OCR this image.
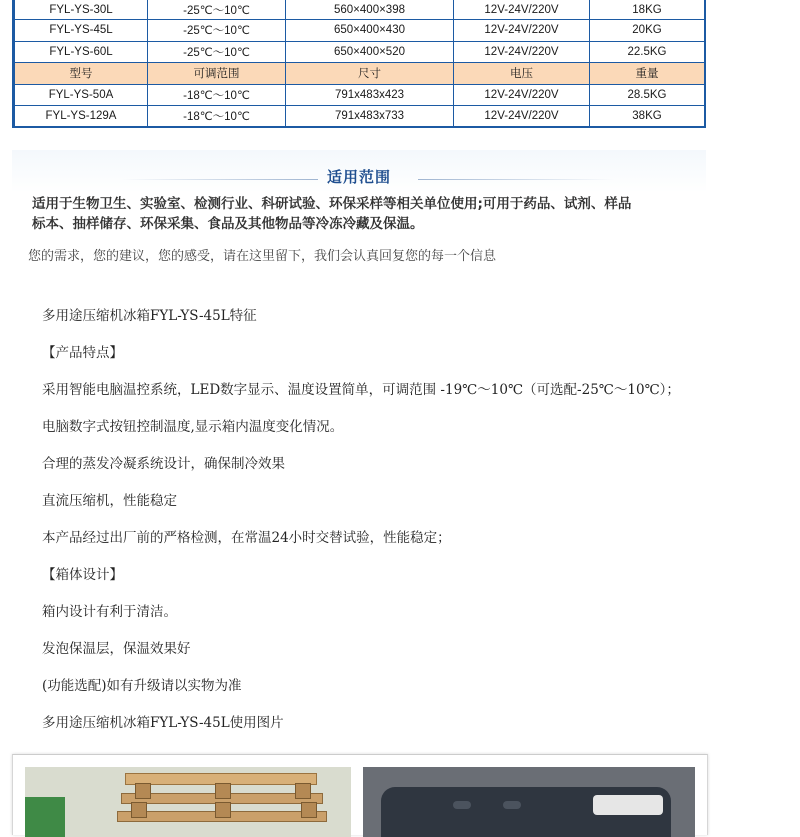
FYL-YS-30L	-25℃～10℃	560×400×398	12V-24V/220V	18KG
FYL-YS-45L	-25℃～10℃	650×400×430	12V-24V/220V	20KG
FYL-YS-60L	-25℃～10℃	650×400×520	12V-24V/220V	22.5KG
型号	可调范围	尺寸	电压	重量
FYL-YS-50A	-18℃～10℃	791x483x423	12V-24V/220V	28.5KG
FYL-YS-129A	-18℃～10℃	791x483x733	12V-24V/220V	38KG
适用范围
适用于生物卫生、实验室、检测行业、科研试验、环保采样等相关单位使用;可用于药品、试剂、样品
标本、抽样储存、环保采集、食品及其他物品等冷冻冷藏及保温。
您的需求，您的建议，您的感受，请在这里留下，我们会认真回复您的每一个信息
多用途压缩机冰箱FYL-YS-45L特征
【产品特点】
采用智能电脑温控系统，LED数字显示、温度设置简单，可调范围 -19℃～10℃（可选配-25℃～10℃）；
电脑数字式按钮控制温度,显示箱内温度变化情况。
合理的蒸发冷凝系统设计，确保制冷效果
直流压缩机，性能稳定
本产品经过出厂前的严格检测，在常温24小时交替试验，性能稳定；
【箱体设计】
箱内设计有利于清洁。
发泡保温层，保温效果好
(功能选配)如有升级请以实物为准
多用途压缩机冰箱FYL-YS-45L使用图片
